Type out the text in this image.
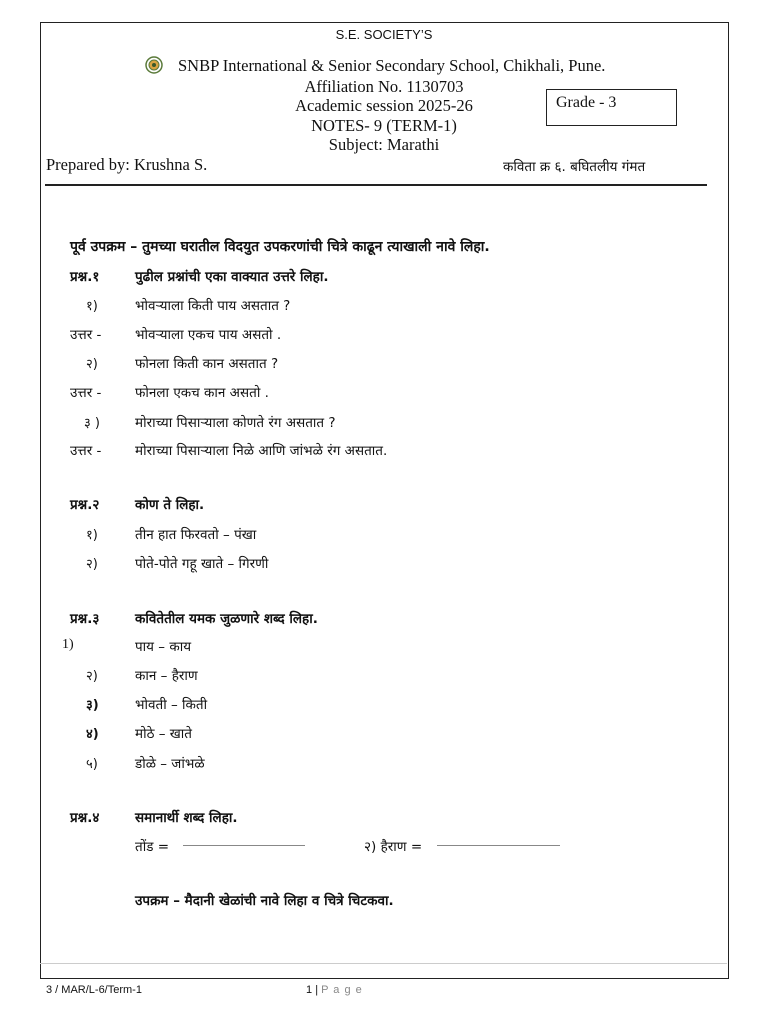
S.E. SOCIETY’S
SNBP International & Senior Secondary School, Chikhali, Pune.
Affiliation No. 1130703
Academic session 2025-26
NOTES- 9 (TERM-1)
Subject: Marathi
Grade - 3
Prepared by: Krushna S.	कविता क्र ६. बघितलीय गंमत
पूर्व उपक्रम – तुमच्या घरातील विदयुत उपकरणांची चित्रे काढून त्याखाली नावे लिहा.
प्रश्न.१	पुढील प्रश्नांची एका वाक्यात उत्तरे लिहा.
१)	भोवऱ्याला किती पाय असतात ?
उत्तर - भोवऱ्याला एकच पाय असतो .
२)	फोनला किती कान असतात ?
उत्तर - फोनला एकच कान असतो .
३ )	मोराच्या पिसाऱ्याला कोणते रंग असतात ?
उत्तर - मोराच्या पिसाऱ्याला निळे आणि जांभळे रंग असतात.
प्रश्न.२	कोण ते लिहा.
१)	तीन हात फिरवतो – पंखा
२)	पोते-पोते गहू खाते – गिरणी
प्रश्न.३	कवितेतील यमक जुळणारे शब्द लिहा.
1)	पाय – काय
२)	कान – हैराण
३)	भोवती – किती
४)	मोठे – खाते
५)	डोळे – जांभळे
प्रश्न.४	समानार्थी शब्द लिहा.
तोंड =	२) हैराण =
उपक्रम – मैदानी खेळांची नावे लिहा व चित्रे चिटकवा.
3 / MAR/L-6/Term-1	1 | P a g e
